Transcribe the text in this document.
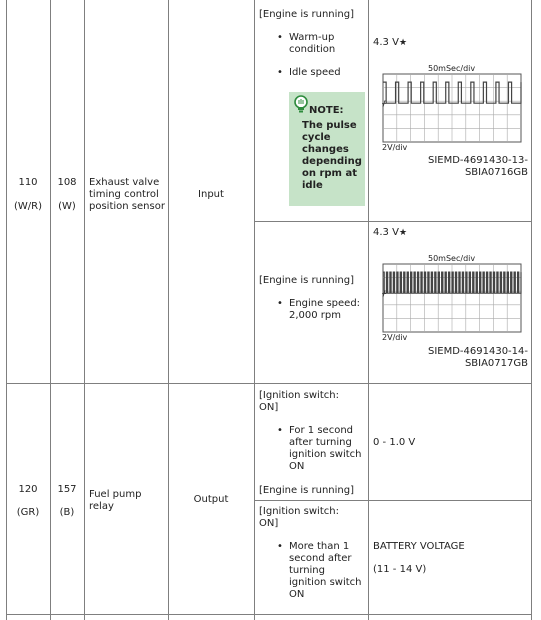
110
(W/R)
108
(W)
Exhaust valve
timing control
position sensor
Input
[Engine is running]
• Warm-up
condition
• Idle speed
NOTE:
The pulse
cycle
changes
depending
on rpm at
idle
4.3 V★
50mSec/div
ᚋ
2V/div
SIEMD-4691430-13-
SBIA0716GB
[Engine is running]
• Engine speed:
2,000 rpm
4.3 V★
50mSec/div
ᚋ
2V/div
SIEMD-4691430-14-
SBIA0717GB
120
(GR)
157
(B)
Fuel pump
relay
Output
[Ignition switch:
ON]
• For 1 second
after turning
ignition switch
ON
[Engine is running]
0 - 1.0 V
[Ignition switch:
ON]
• More than 1
second after
turning
ignition switch
ON
BATTERY VOLTAGE
(11 - 14 V)
